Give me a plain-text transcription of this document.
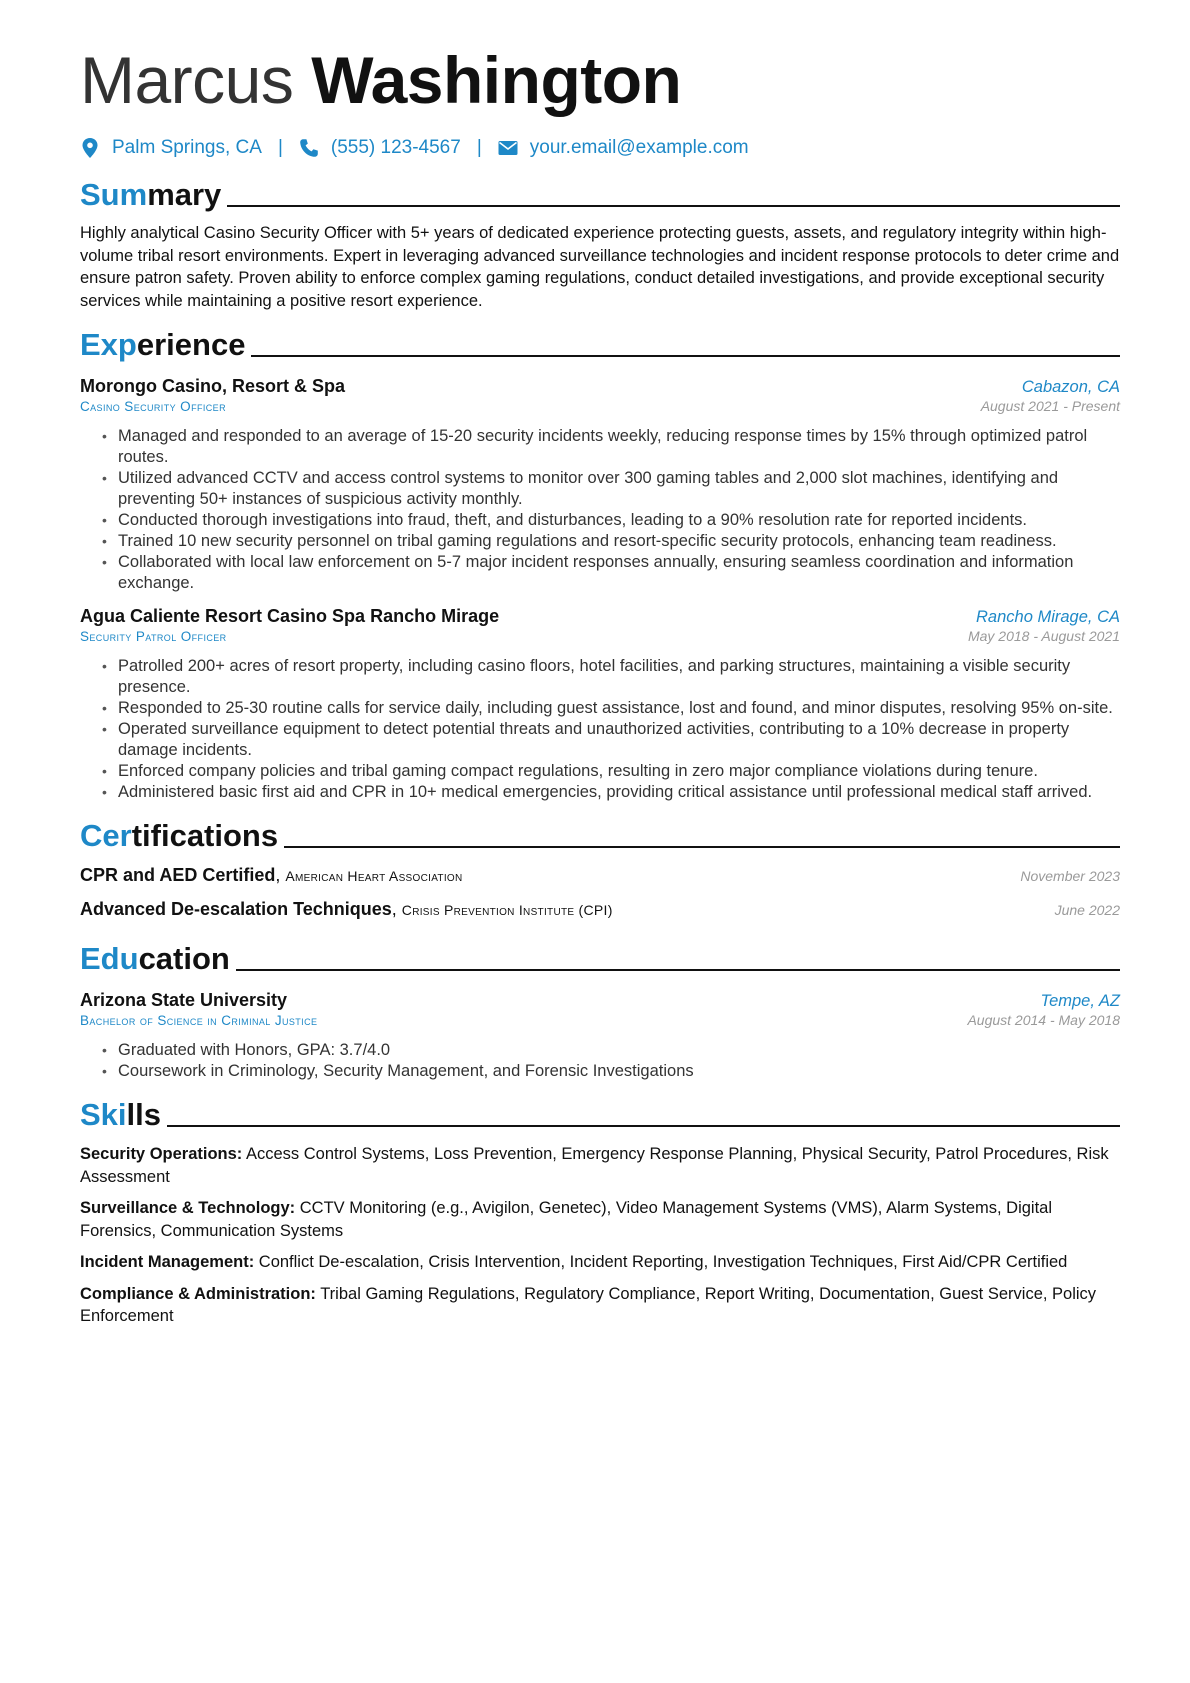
Marcus Washington
Palm Springs, CA |	(555) 123-4567 |	your.email@example.com
Summary

Highly analytical Casino Security Officer with 5+ years of dedicated experience protecting guests, assets, and regulatory integrity within high-volume tribal resort environments. Expert in leveraging advanced surveillance technologies and incident response protocols to deter crime and ensure patron safety. Proven ability to enforce complex gaming regulations, conduct detailed investigations, and provide exceptional security services while maintaining a positive resort experience.

Experience
Morongo Casino, Resort & Spa	Cabazon, CA
Casino Security Officer	August 2021 - Present
• Managed and responded to an average of 15-20 security incidents weekly, reducing response times by 15% through optimized patrol routes.
• Utilized advanced CCTV and access control systems to monitor over 300 gaming tables and 2,000 slot machines, identifying and preventing 50+ instances of suspicious activity monthly.
• Conducted thorough investigations into fraud, theft, and disturbances, leading to a 90% resolution rate for reported incidents.
• Trained 10 new security personnel on tribal gaming regulations and resort-specific security protocols, enhancing team readiness.
• Collaborated with local law enforcement on 5-7 major incident responses annually, ensuring seamless coordination and information exchange.
Agua Caliente Resort Casino Spa Rancho Mirage	Rancho Mirage, CA
Security Patrol Officer	May 2018 - August 2021
• Patrolled 200+ acres of resort property, including casino floors, hotel facilities, and parking structures, maintaining a visible security presence.
• Responded to 25-30 routine calls for service daily, including guest assistance, lost and found, and minor disputes, resolving 95% on-site.
• Operated surveillance equipment to detect potential threats and unauthorized activities, contributing to a 10% decrease in property damage incidents.
• Enforced company policies and tribal gaming compact regulations, resulting in zero major compliance violations during tenure.
• Administered basic first aid and CPR in 10+ medical emergencies, providing critical assistance until professional medical staff arrived.
Certifications
CPR and AED Certified, American Heart Association	November 2023
Advanced De-escalation Techniques, Crisis Prevention Institute (CPI)	June 2022
Education
Arizona State University	Tempe, AZ
Bachelor of Science in Criminal Justice	August 2014 - May 2018
• Graduated with Honors, GPA: 3.7/4.0
• Coursework in Criminology, Security Management, and Forensic Investigations
Skills
Security Operations: Access Control Systems, Loss Prevention, Emergency Response Planning, Physical Security, Patrol Procedures, Risk Assessment
Surveillance & Technology: CCTV Monitoring (e.g., Avigilon, Genetec), Video Management Systems (VMS), Alarm Systems, Digital Forensics, Communication Systems
Incident Management: Conflict De-escalation, Crisis Intervention, Incident Reporting, Investigation Techniques, First Aid/CPR Certified
Compliance & Administration: Tribal Gaming Regulations, Regulatory Compliance, Report Writing, Documentation, Guest Service, Policy Enforcement
